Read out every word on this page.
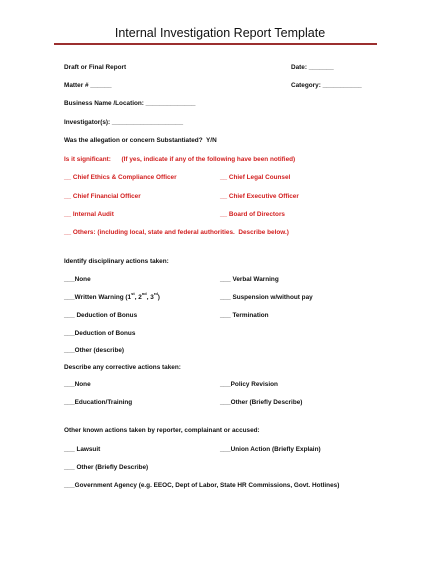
Internal Investigation Report Template
Draft or Final Report	Date: _______
Matter # ______	Category: ___________
Business Name /Location: ______________
Investigator(s): ____________________
Was the allegation or concern Substantiated?  Y/N
Is it significant:      (If yes, indicate if any of the following have been notified)
__ Chief Ethics & Compliance Officer	__ Chief Legal Counsel
__ Chief Financial Officer	__ Chief Executive Officer
__ Internal Audit	__ Board of Directors
__ Others: (including local, state and federal authorities.  Describe below.)
Identify disciplinary actions taken:
___None	___ Verbal Warning
___Written Warning (1st, 2nd, 3rd)	___ Suspension w/without pay
___ Deduction of Bonus	___ Termination
___Deduction of Bonus
___Other (describe)
Describe any corrective actions taken:
___None	___Policy Revision
___Education/Training	___Other (Briefly Describe)
Other known actions taken by reporter, complainant or accused:
___ Lawsuit	___Union Action (Briefly Explain)
___ Other (Briefly Describe)
___Government Agency (e.g. EEOC, Dept of Labor, State HR Commissions, Govt. Hotlines)
